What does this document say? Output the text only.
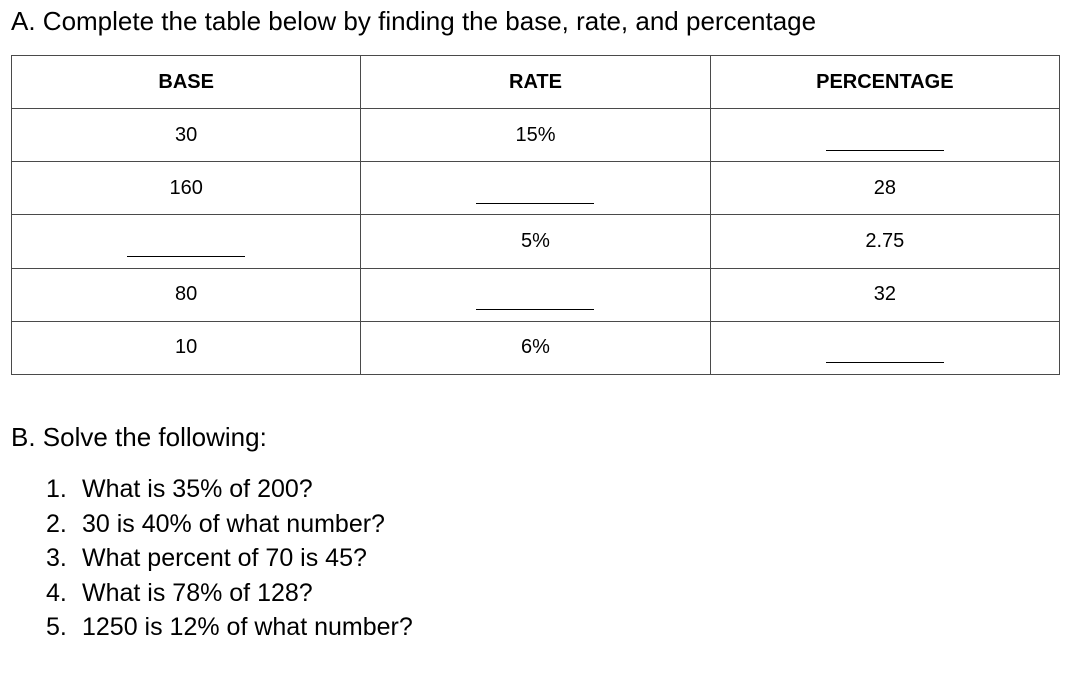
A. Complete the table below by finding the base, rate, and percentage
BASE	RATE	PERCENTAGE
30	15%	
160		28
	5%	2.75
80		32
10	6%	
B. Solve the following:
1. What is 35% of 200?
2. 30 is 40% of what number?
3. What percent of 70 is 45?
4. What is 78% of 128?
5. 1250 is 12% of what number?
